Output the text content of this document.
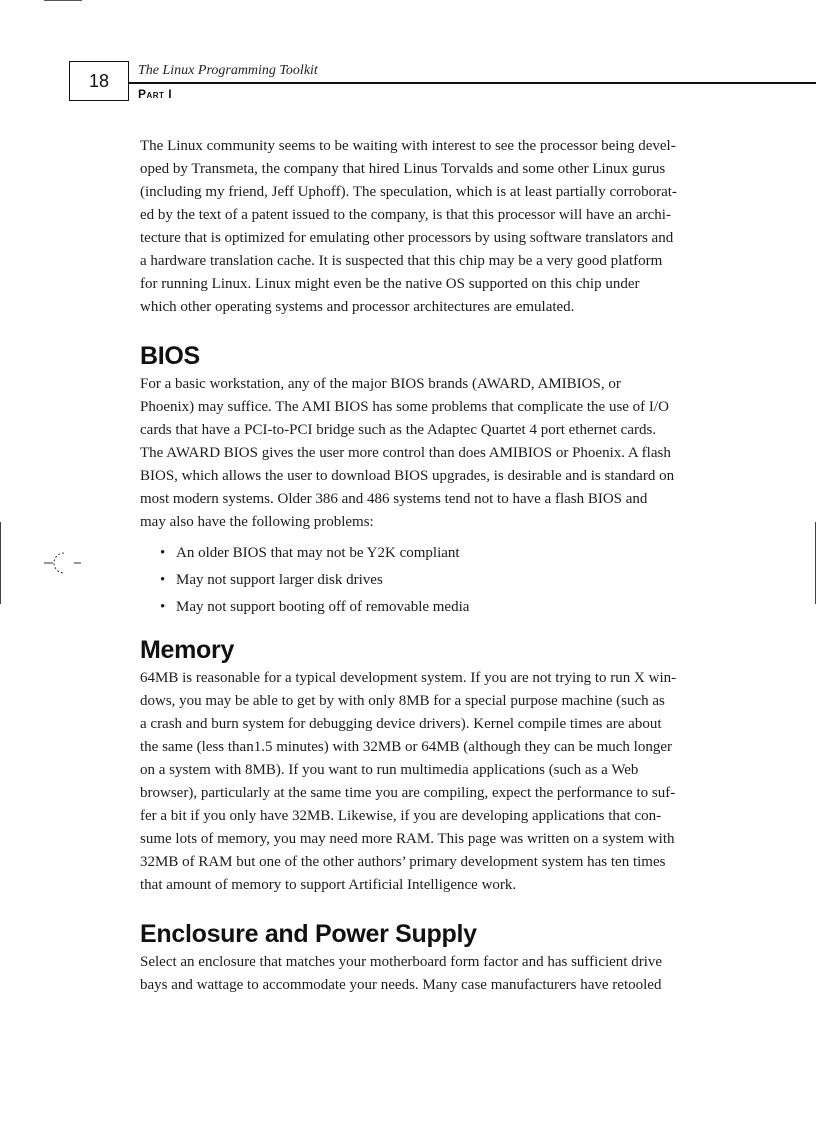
18 The Linux Programming Toolkit
Part I

The Linux community seems to be waiting with interest to see the processor being devel-
oped by Transmeta, the company that hired Linus Torvalds and some other Linux gurus
(including my friend, Jeff Uphoff). The speculation, which is at least partially corroborat-
ed by the text of a patent issued to the company, is that this processor will have an archi-
tecture that is optimized for emulating other processors by using software translators and
a hardware translation cache. It is suspected that this chip may be a very good platform
for running Linux. Linux might even be the native OS supported on this chip under
which other operating systems and processor architectures are emulated.

BIOS

For a basic workstation, any of the major BIOS brands (AWARD, AMIBIOS, or
Phoenix) may suffice. The AMI BIOS has some problems that complicate the use of I/O
cards that have a PCI-to-PCI bridge such as the Adaptec Quartet 4 port ethernet cards.
The AWARD BIOS gives the user more control than does AMIBIOS or Phoenix. A flash
BIOS, which allows the user to download BIOS upgrades, is desirable and is standard on
most modern systems. Older 386 and 486 systems tend not to have a flash BIOS and
may also have the following problems:

• An older BIOS that may not be Y2K compliant
• May not support larger disk drives
• May not support booting off of removable media
Memory

64MB is reasonable for a typical development system. If you are not trying to run X win-
dows, you may be able to get by with only 8MB for a special purpose machine (such as
a crash and burn system for debugging device drivers). Kernel compile times are about
the same (less than1.5 minutes) with 32MB or 64MB (although they can be much longer
on a system with 8MB). If you want to run multimedia applications (such as a Web
browser), particularly at the same time you are compiling, expect the performance to suf-
fer a bit if you only have 32MB. Likewise, if you are developing applications that con-
sume lots of memory, you may need more RAM. This page was written on a system with
32MB of RAM but one of the other authors’ primary development system has ten times
that amount of memory to support Artificial Intelligence work.

Enclosure and Power Supply

Select an enclosure that matches your motherboard form factor and has sufficient drive
bays and wattage to accommodate your needs. Many case manufacturers have retooled
